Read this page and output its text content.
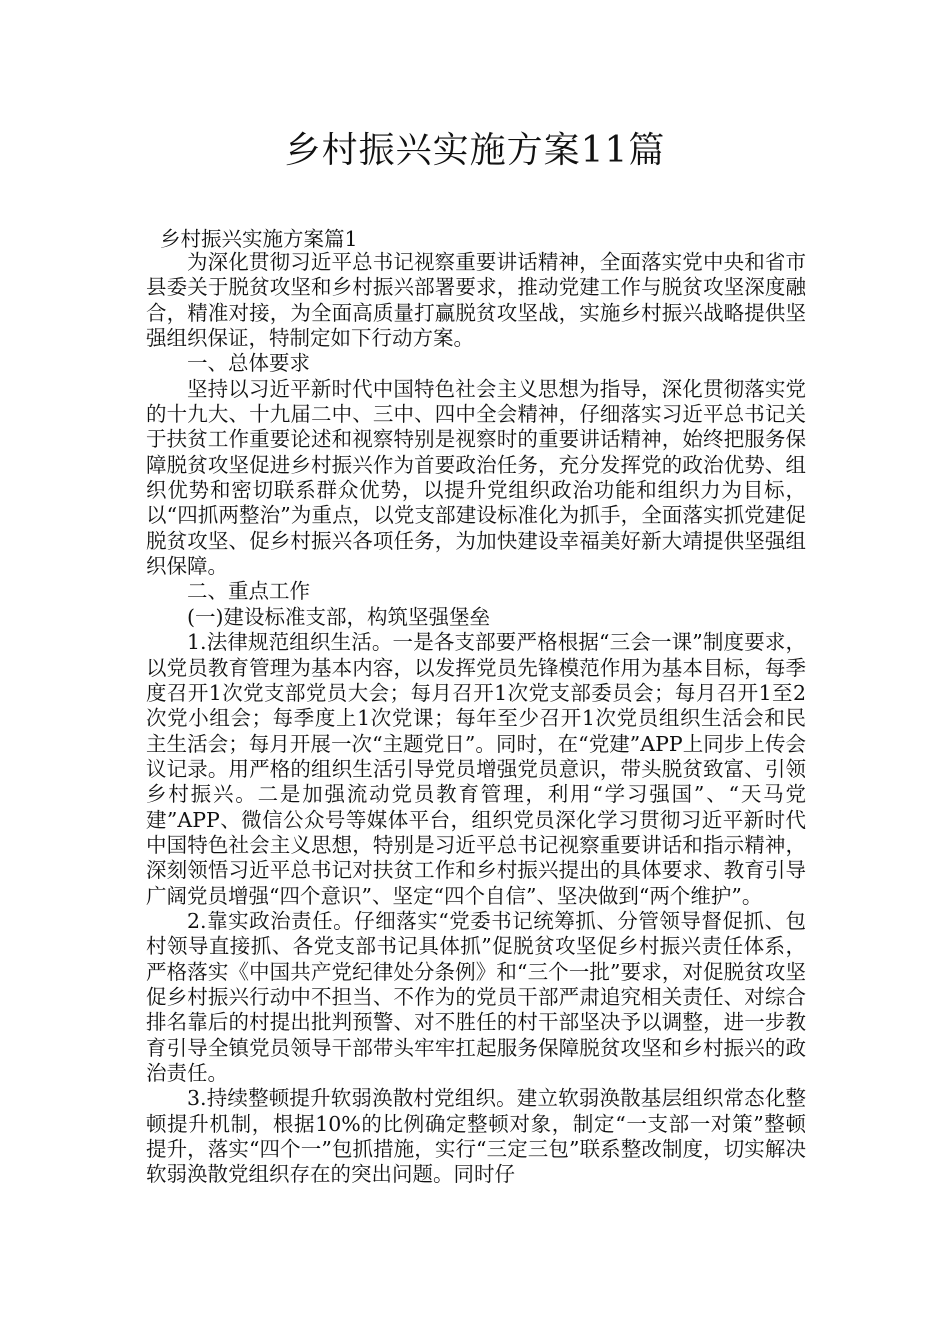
乡村振兴实施方案11篇
乡村振兴实施方案篇1

为深化贯彻习近平总书记视察重要讲话精神，全面落实党中央和省市县委关于脱贫攻坚和乡村振兴部署要求，推动党建工作与脱贫攻坚深度融合，精准对接，为全面高质量打赢脱贫攻坚战，实施乡村振兴战略提供坚强组织保证，特制定如下行动方案。

一、总体要求

坚持以习近平新时代中国特色社会主义思想为指导，深化贯彻落实党的十九大、十九届二中、三中、四中全会精神，仔细落实习近平总书记关于扶贫工作重要论述和视察特别是视察时的重要讲话精神，始终把服务保障脱贫攻坚促进乡村振兴作为首要政治任务，充分发挥党的政治优势、组织优势和密切联系群众优势，以提升党组织政治功能和组织力为目标，以“四抓两整治”为重点，以党支部建设标准化为抓手，全面落实抓党建促脱贫攻坚、促乡村振兴各项任务，为加快建设幸福美好新大靖提供坚强组织保障。

二、重点工作

(一)建设标准支部，构筑坚强堡垒

1.法律规范组织生活。一是各支部要严格根据“三会一课”制度要求，以党员教育管理为基本内容，以发挥党员先锋模范作用为基本目标，每季度召开1次党支部党员大会；每月召开1次党支部委员会；每月召开1至2次党小组会；每季度上1次党课；每年至少召开1次党员组织生活会和民主生活会；每月开展一次“主题党日”。同时，在“党建”APP上同步上传会议记录。用严格的组织生活引导党员增强党员意识，带头脱贫致富、引领乡村振兴。二是加强流动党员教育管理，利用“学习强国”、“天马党建”APP、微信公众号等媒体平台，组织党员深化学习贯彻习近平新时代中国特色社会主义思想，特别是习近平总书记视察重要讲话和指示精神，深刻领悟习近平总书记对扶贫工作和乡村振兴提出的具体要求、教育引导广阔党员增强“四个意识”、坚定“四个自信”、坚决做到“两个维护”。

2.靠实政治责任。仔细落实“党委书记统筹抓、分管领导督促抓、包村领导直接抓、各党支部书记具体抓”促脱贫攻坚促乡村振兴责任体系，严格落实《中国共产党纪律处分条例》和“三个一批”要求，对促脱贫攻坚促乡村振兴行动中不担当、不作为的党员干部严肃追究相关责任、对综合排名靠后的村提出批判预警、对不胜任的村干部坚决予以调整，进一步教育引导全镇党员领导干部带头牢牢扛起服务保障脱贫攻坚和乡村振兴的政治责任。

3.持续整顿提升软弱涣散村党组织。建立软弱涣散基层组织常态化整顿提升机制，根据10%的比例确定整顿对象，制定“一支部一对策”整顿提升，落实“四个一”包抓措施，实行“三定三包”联系整改制度，切实解决软弱涣散党组织存在的突出问题。同时仔
